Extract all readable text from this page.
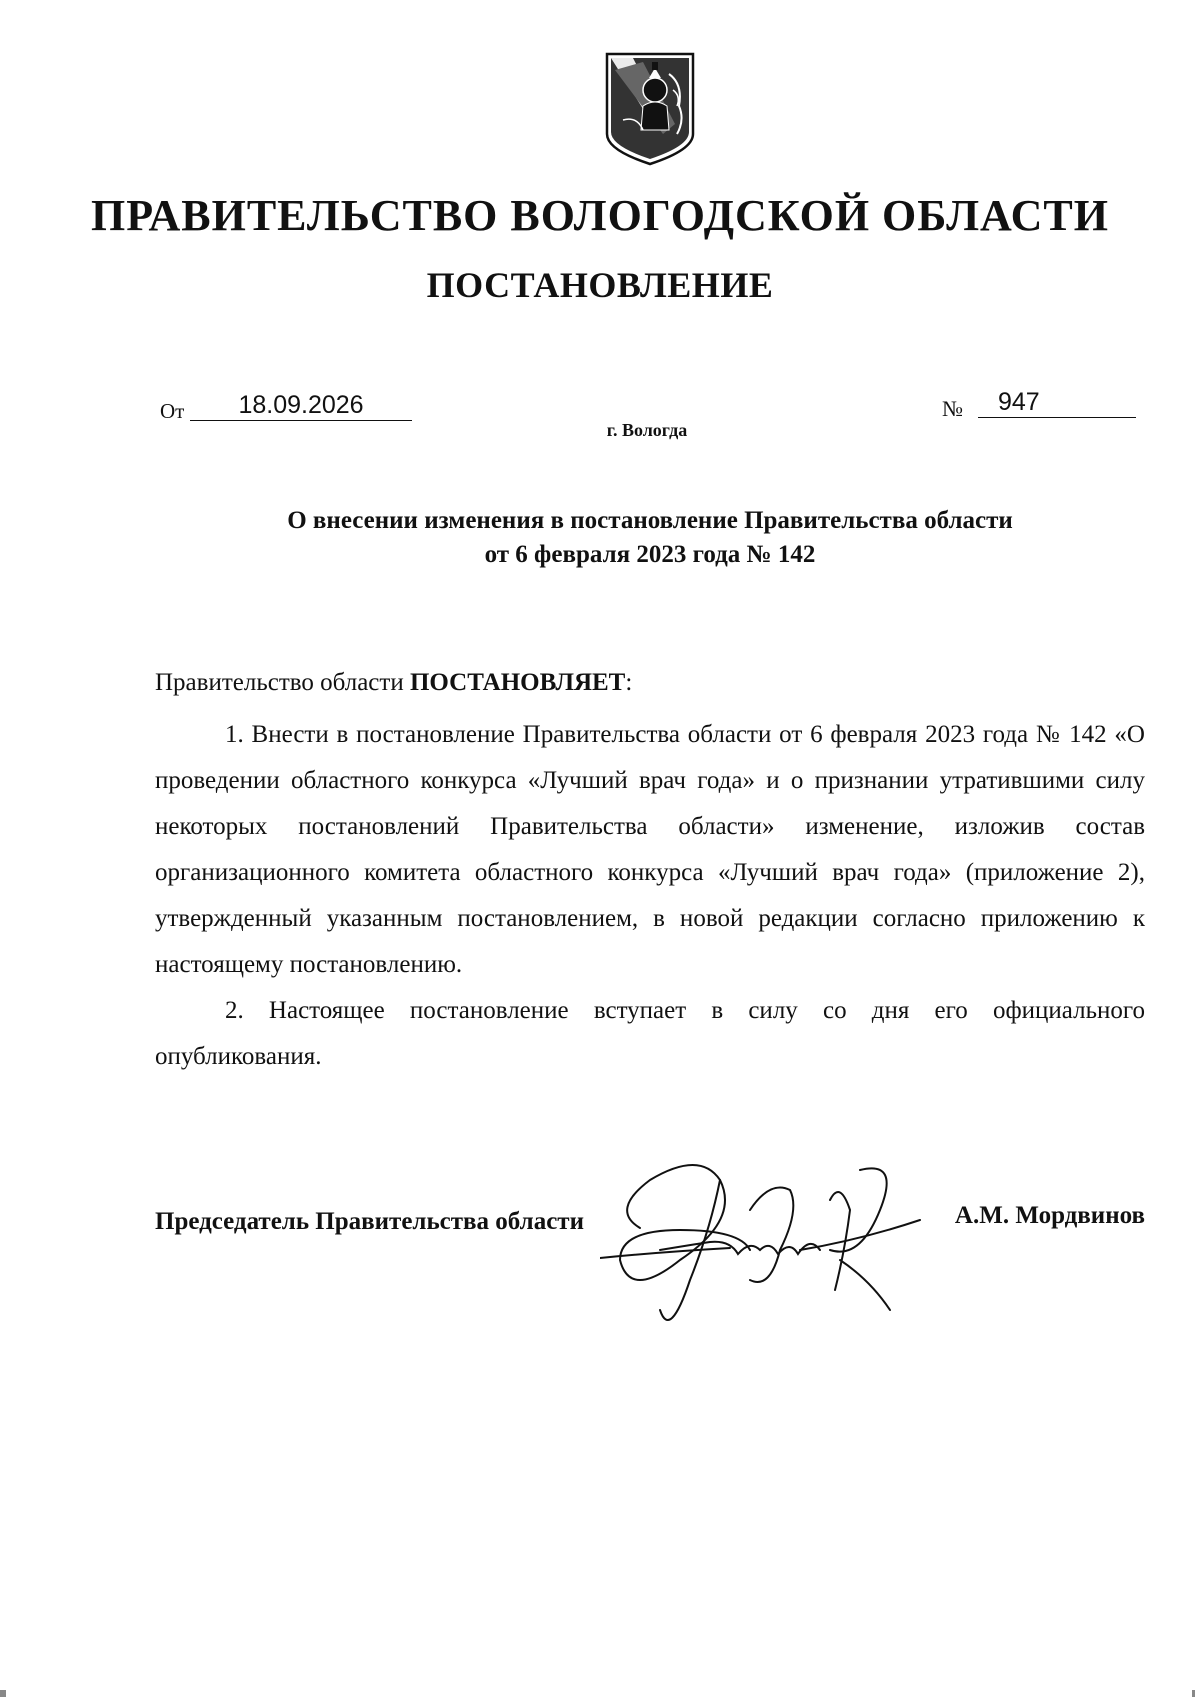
ПРАВИТЕЛЬСТВО ВОЛОГОДСКОЙ ОБЛАСТИ
ПОСТАНОВЛЕНИЕ
От	18.09.2026	№	947
г. Вологда
О внесении изменения в постановление Правительства области
от 6 февраля 2023 года № 142

Правительство области ПОСТАНОВЛЯЕТ:

1. Внести в постановление Правительства области от 6 февраля 2023 года № 142 «О проведении областного конкурса «Лучший врач года» и о признании утратившими силу некоторых постановлений Правительства области» изменение, изложив состав организационного комитета областного конкурса «Лучший врач года» (приложение 2), утвержденный указанным постановлением, в новой редакции согласно приложению к настоящему постановлению.

2. Настоящее постановление вступает в силу со дня его официального опубликования.

Председатель Правительства области	А.М. Мордвинов
